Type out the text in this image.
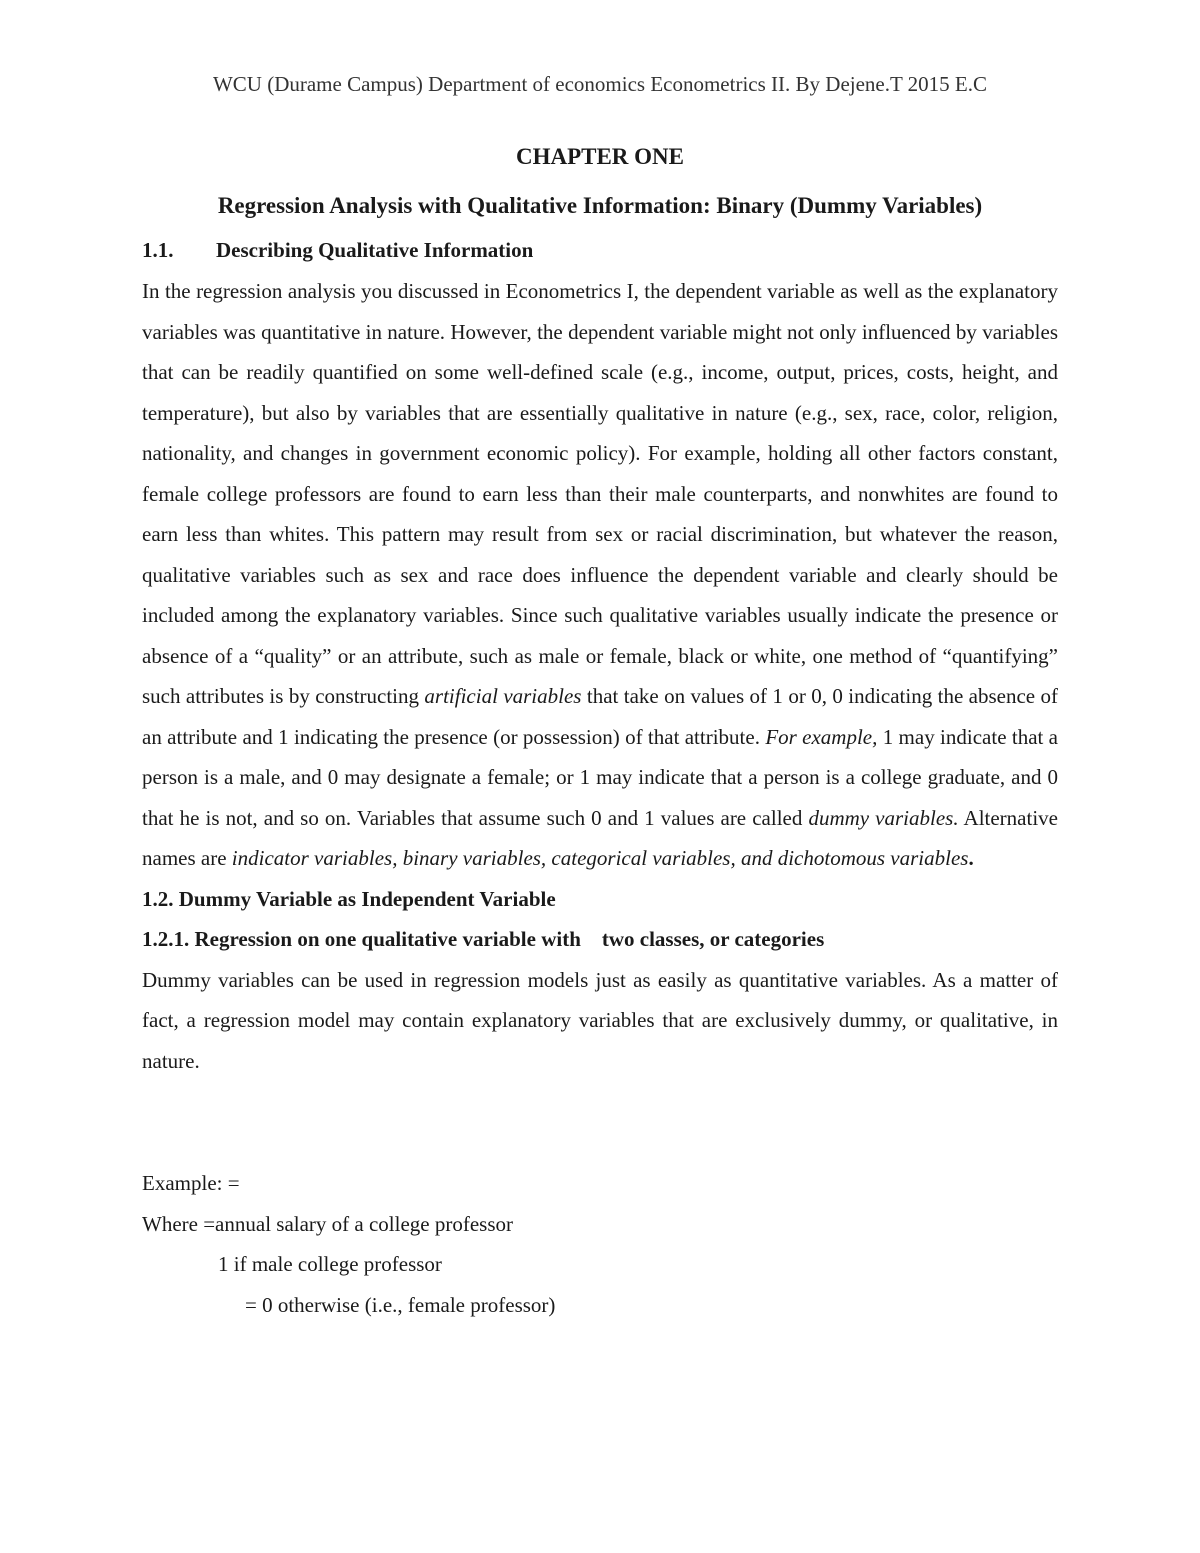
WCU (Durame Campus) Department of economics Econometrics II. By Dejene.T 2015 E.C
CHAPTER ONE
Regression Analysis with Qualitative Information: Binary (Dummy Variables)
1.1. Describing Qualitative Information

In the regression analysis you discussed in Econometrics I, the dependent variable as well as the explanatory variables was quantitative in nature. However, the dependent variable might not only influenced by variables that can be readily quantified on some well-defined scale (e.g., income, output, prices, costs, height, and temperature), but also by variables that are essentially qualitative in nature (e.g., sex, race, color, religion, nationality, and changes in government economic policy). For example, holding all other factors constant, female college professors are found to earn less than their male counterparts, and nonwhites are found to earn less than whites. This pattern may result from sex or racial discrimination, but whatever the reason, qualitative variables such as sex and race does influence the dependent variable and clearly should be included among the explanatory variables. Since such qualitative variables usually indicate the presence or absence of a “quality” or an attribute, such as male or female, black or white, one method of “quantifying” such attributes is by constructing artificial variables that take on values of 1 or 0, 0 indicating the absence of an attribute and 1 indicating the presence (or possession) of that attribute. For example, 1 may indicate that a person is a male, and 0 may designate a female; or 1 may indicate that a person is a college graduate, and 0 that he is not, and so on. Variables that assume such 0 and 1 values are called dummy variables. Alternative names are indicator variables, binary variables, categorical variables, and dichotomous variables.

1.2. Dummy Variable as Independent Variable

1.2.1. Regression on one qualitative variable with    two classes, or categories

Dummy variables can be used in regression models just as easily as quantitative variables. As a matter of fact, a regression model may contain explanatory variables that are exclusively dummy, or qualitative, in nature.

Example: =
Where =annual salary of a college professor
1 if male college professor
= 0 otherwise (i.e., female professor)
